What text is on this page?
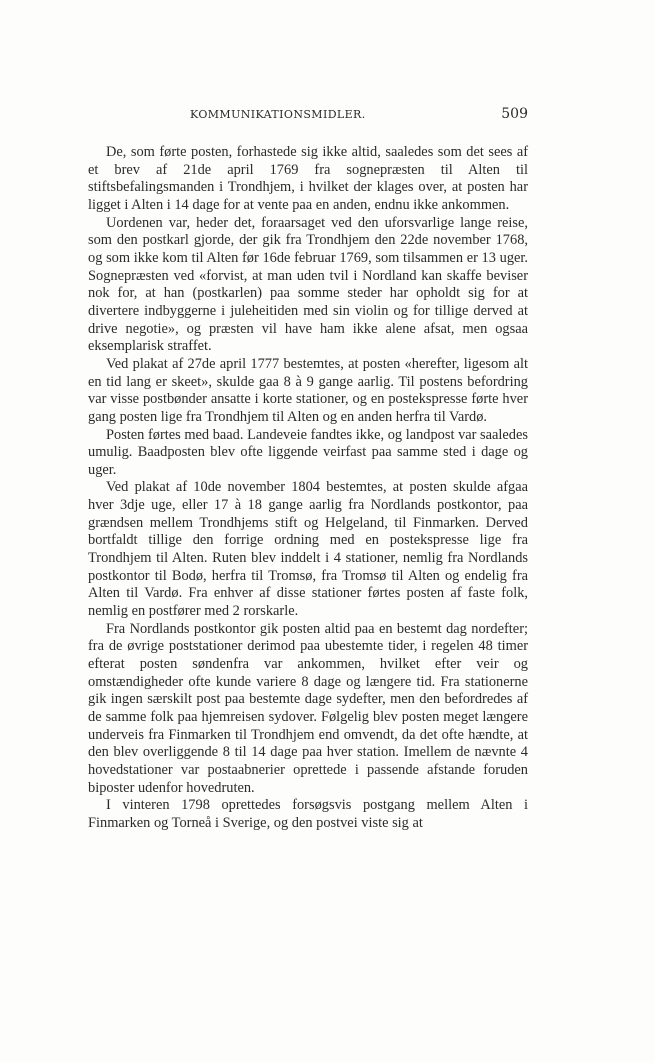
KOMMUNIKATIONSMIDLER.	509

De, som førte posten, forhastede sig ikke altid, saaledes som det sees af et brev af 21de april 1769 fra sognepræsten til Alten til stiftsbefalingsmanden i Trondhjem, i hvilket der klages over, at posten har ligget i Alten i 14 dage for at vente paa en anden, endnu ikke ankommen.

Uordenen var, heder det, foraarsaget ved den uforsvarlige lange reise, som den postkarl gjorde, der gik fra Trondhjem den 22de november 1768, og som ikke kom til Alten før 16de februar 1769, som tilsammen er 13 uger. Sognepræsten ved «forvist, at man uden tvil i Nordland kan skaffe beviser nok for, at han (postkarlen) paa somme steder har opholdt sig for at divertere indbyggerne i juleheitiden med sin violin og for tillige derved at drive negotie», og præsten vil have ham ikke alene afsat, men ogsaa eksemplarisk straffet.

Ved plakat af 27de april 1777 bestemtes, at posten «herefter, ligesom alt en tid lang er skeet», skulde gaa 8 à 9 gange aarlig. Til postens befordring var visse postbønder ansatte i korte stationer, og en postekspresse førte hver gang posten lige fra Trondhjem til Alten og en anden herfra til Vardø.

Posten førtes med baad. Landeveie fandtes ikke, og landpost var saaledes umulig. Baadposten blev ofte liggende veirfast paa samme sted i dage og uger.

Ved plakat af 10de november 1804 bestemtes, at posten skulde afgaa hver 3dje uge, eller 17 à 18 gange aarlig fra Nordlands postkontor, paa grændsen mellem Trondhjems stift og Helgeland, til Finmarken. Derved bortfaldt tillige den forrige ordning med en postekspresse lige fra Trondhjem til Alten. Ruten blev inddelt i 4 stationer, nemlig fra Nordlands postkontor til Bodø, herfra til Tromsø, fra Tromsø til Alten og endelig fra Alten til Vardø. Fra enhver af disse stationer førtes posten af faste folk, nemlig en postfører med 2 rorskarle.

Fra Nordlands postkontor gik posten altid paa en bestemt dag nordefter; fra de øvrige poststationer derimod paa ubestemte tider, i regelen 48 timer efterat posten søndenfra var ankommen, hvilket efter veir og omstændigheder ofte kunde variere 8 dage og længere tid. Fra stationerne gik ingen særskilt post paa bestemte dage sydefter, men den befordredes af de samme folk paa hjemreisen sydover. Følgelig blev posten meget længere underveis fra Finmarken til Trondhjem end omvendt, da det ofte hændte, at den blev overliggende 8 til 14 dage paa hver station. Imellem de nævnte 4 hovedstationer var postaabnerier oprettede i passende afstande foruden biposter udenfor hovedruten.

I vinteren 1798 oprettedes forsøgsvis postgang mellem Alten i Finmarken og Torneå i Sverige, og den postvei viste sig at
